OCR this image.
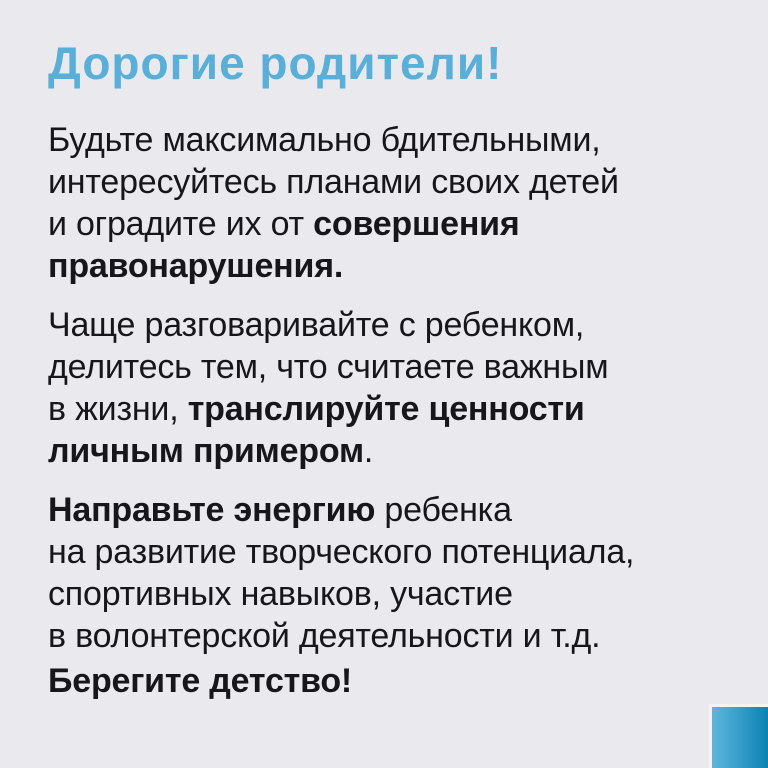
Дорогие родители!

Будьте максимально бдительными,
интересуйтесь планами своих детей
и оградите их от совершения
правонарушения.

Чаще разговаривайте с ребенком,
делитесь тем, что считаете важным
в жизни, транслируйте ценности
личным примером.

Направьте энергию ребенка
на развитие творческого потенциала,
спортивных навыков, участие
в волонтерской деятельности и т.д.

Берегите детство!
